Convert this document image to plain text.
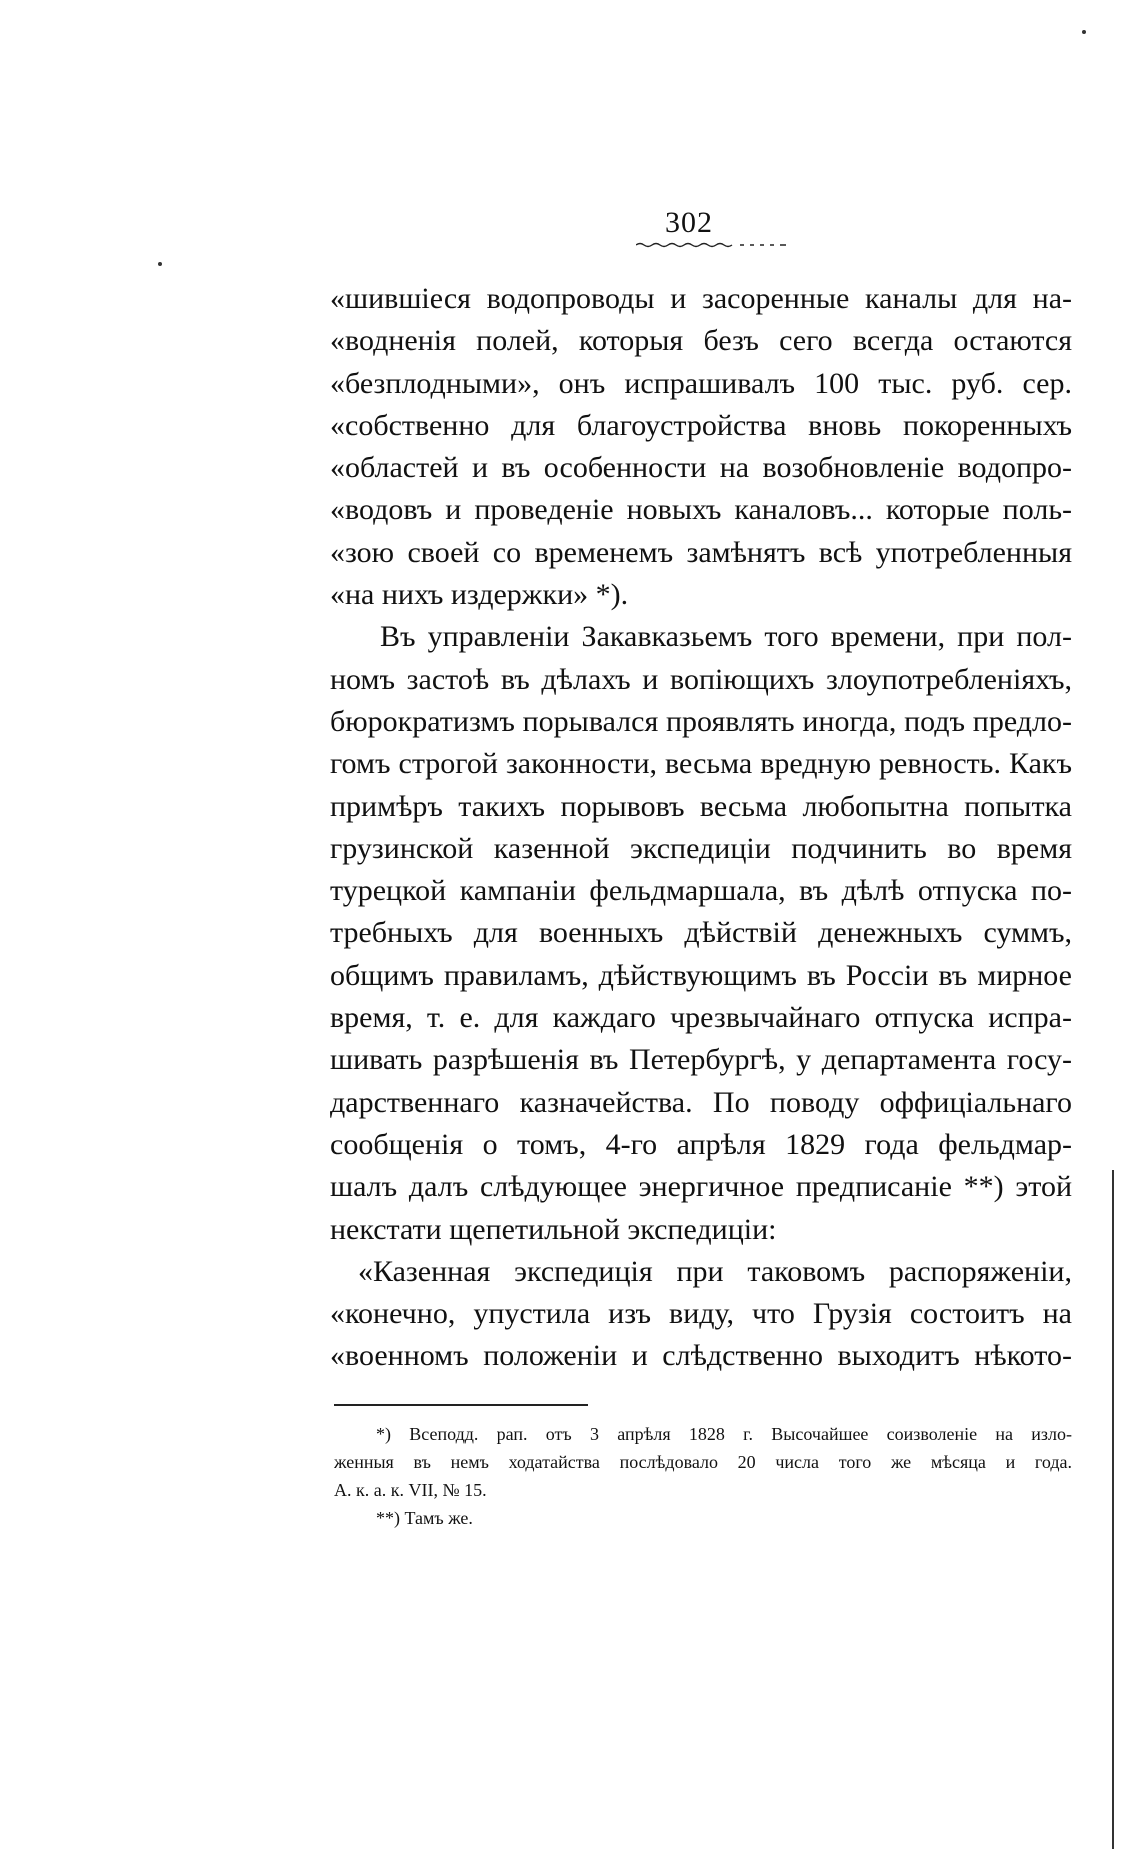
302
«шившіеся водопроводы и засоренные каналы для на-
«водненія полей, которыя безъ сего всегда остаются
«безплодными», онъ испрашивалъ 100 тыс. руб. сер.
«собственно для благоустройства вновь покоренныхъ
«областей и въ особенности на возобновленіе водопро-
«водовъ и проведеніе новыхъ каналовъ... которые поль-
«зою своей со временемъ замѣнятъ всѣ употребленныя
«на нихъ издержки» *).
Въ управленіи Закавказьемъ того времени, при пол-
номъ застоѣ въ дѣлахъ и вопіющихъ злоупотребленіяхъ,
бюрократизмъ порывался проявлять иногда, подъ предло-
гомъ строгой законности, весьма вредную ревность. Какъ
примѣръ такихъ порывовъ весьма любопытна попытка
грузинской казенной экспедиціи подчинить во время
турецкой кампаніи фельдмаршала, въ дѣлѣ отпуска по-
требныхъ для военныхъ дѣйствій денежныхъ суммъ,
общимъ правиламъ, дѣйствующимъ въ Россіи въ мирное
время, т. е. для каждаго чрезвычайнаго отпуска испра-
шивать разрѣшенія въ Петербургѣ, у департамента госу-
дарственнаго казначейства. По поводу оффиціальнаго
сообщенія о томъ, 4-го апрѣля 1829 года фельдмар-
шалъ далъ слѣдующее энергичное предписаніе **) этой
некстати щепетильной экспедиціи:
«Казенная экспедиція при таковомъ распоряженіи,
«конечно, упустила изъ виду, что Грузія состоитъ на
«военномъ положеніи и слѣдственно выходитъ нѣкото-
*) Всеподд. рап. отъ 3 апрѣля 1828 г. Высочайшее соизволеніе на изло-
женныя въ немъ ходатайства послѣдовало 20 числа того же мѣсяца и года.
А. к. а. к. VII, № 15.
**) Тамъ же.
